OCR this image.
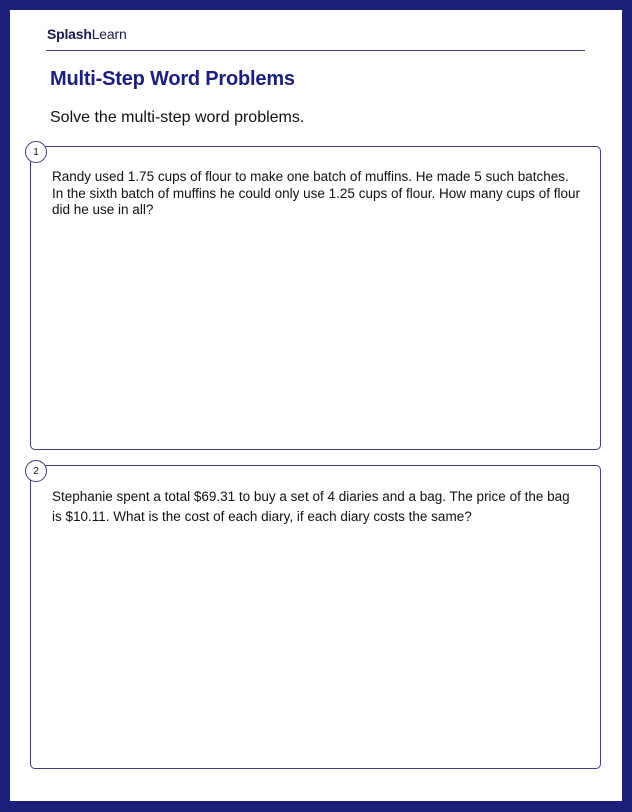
SplashLearn
Multi-Step Word Problems
Solve the multi-step word problems.
1

Randy used 1.75 cups of flour to make one batch of muffins. He made 5 such batches. In the sixth batch of muffins he could only use 1.25 cups of flour. How many cups of flour did he use in all?

2

Stephanie spent a total $69.31 to buy a set of 4 diaries and a bag. The price of the bag is $10.11. What is the cost of each diary, if each diary costs the same?
